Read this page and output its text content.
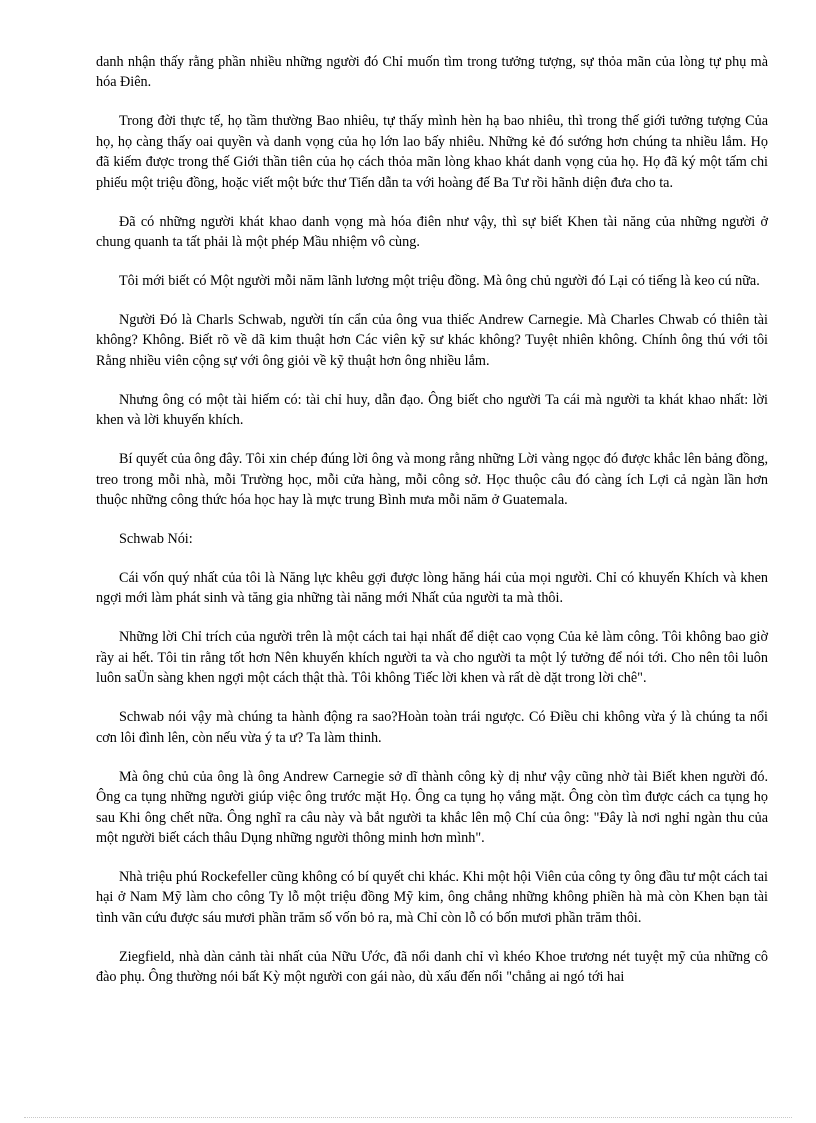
danh nhận thấy rằng phần nhiều những người đó Chỉ muốn tìm trong tưởng tượng, sự thỏa mãn của lòng tự phụ mà hóa Điên.

Trong đời thực tế, họ tầm thường Bao nhiêu, tự thấy mình hèn hạ bao nhiêu, thì trong thế giới tưởng tượng Của họ, họ càng thấy oai quyền và danh vọng của họ lớn lao bấy nhiêu. Những kẻ đó sướng hơn chúng ta nhiều lắm. Họ đã kiếm được trong thế Giới thần tiên của họ cách thỏa mãn lòng khao khát danh vọng của họ. Họ đã ký một tấm chi phiếu một triệu đồng, hoặc viết một bức thư Tiến dẫn ta với hoàng đế Ba Tư rồi hãnh diện đưa cho ta.

Đã có những người khát khao danh vọng mà hóa điên như vậy, thì sự biết Khen tài năng của những người ở chung quanh ta tất phải là một phép Mầu nhiệm vô cùng.

Tôi mới biết có Một người mỗi năm lãnh lương một triệu đồng. Mà ông chủ người đó Lại có tiếng là keo cú nữa.

Người Đó là Charls Schwab, người tín cẩn của ông vua thiếc Andrew Carnegie. Mà Charles Chwab có thiên tài không? Không. Biết rõ về dã kim thuật hơn Các viên kỹ sư khác không? Tuyệt nhiên không. Chính ông thú với tôi Rằng nhiều viên cộng sự với ông giỏi về kỹ thuật hơn ông nhiều lắm.

Nhưng ông có một tài hiếm có: tài chỉ huy, dẫn đạo. Ông biết cho người Ta cái mà người ta khát khao nhất: lời khen và lời khuyến khích.

Bí quyết của ông đây. Tôi xin chép đúng lời ông và mong rằng những Lời vàng ngọc đó được khắc lên bảng đồng, treo trong mỗi nhà, mỗi Trường học, mỗi cửa hàng, mỗi công sở. Học thuộc câu đó càng ích Lợi cả ngàn lần hơn thuộc những công thức hóa học hay là mực trung Bình mưa mỗi năm ở Guatemala.

Schwab Nói:

Cái vốn quý nhất của tôi là Năng lực khêu gợi được lòng hăng hái của mọi người. Chỉ có khuyến Khích và khen ngợi mới làm phát sinh và tăng gia những tài năng mới Nhất của người ta mà thôi.

Những lời Chỉ trích của người trên là một cách tai hại nhất để diệt cao vọng Của kẻ làm công. Tôi không bao giờ rầy ai hết. Tôi tin rằng tốt hơn Nên khuyến khích người ta và cho người ta một lý tưởng để nói tới. Cho nên tôi luôn luôn saÜn sàng khen ngợi một cách thật thà. Tôi không Tiếc lời khen và rất dè dặt trong lời chê".

Schwab nói vậy mà chúng ta hành động ra sao?Hoàn toàn trái ngược. Có Điều chi không vừa ý là chúng ta nổi cơn lôi đình lên, còn nếu vừa ý ta ư? Ta làm thinh.

Mà ông chủ của ông là ông Andrew Carnegie sở dĩ thành công kỳ dị như vậy cũng nhờ tài Biết khen người đó. Ông ca tụng những người giúp việc ông trước mặt Họ. Ông ca tụng họ vắng mặt. Ông còn tìm được cách ca tụng họ sau Khi ông chết nữa. Ông nghĩ ra câu này và bắt người ta khắc lên mộ Chí của ông: "Đây là nơi nghỉ ngàn thu của một người biết cách thâu Dụng những người thông minh hơn mình".

Nhà triệu phú Rockefeller cũng không có bí quyết chi khác. Khi một hội Viên của công ty ông đầu tư một cách tai hại ở Nam Mỹ làm cho công Ty lỗ một triệu đồng Mỹ kim, ông chẳng những không phiền hà mà còn Khen bạn tài tình vãn cứu được sáu mươi phần trăm số vốn bỏ ra, mà Chỉ còn lỗ có bốn mươi phần trăm thôi.

Ziegfield, nhà dàn cảnh tài nhất của Nữu Ước, đã nổi danh chỉ vì khéo Khoe trương nét tuyệt mỹ của những cô đào phụ. Ông thường nói bất Kỳ một người con gái nào, dù xấu đến nổi "chẳng ai ngó tới hai
